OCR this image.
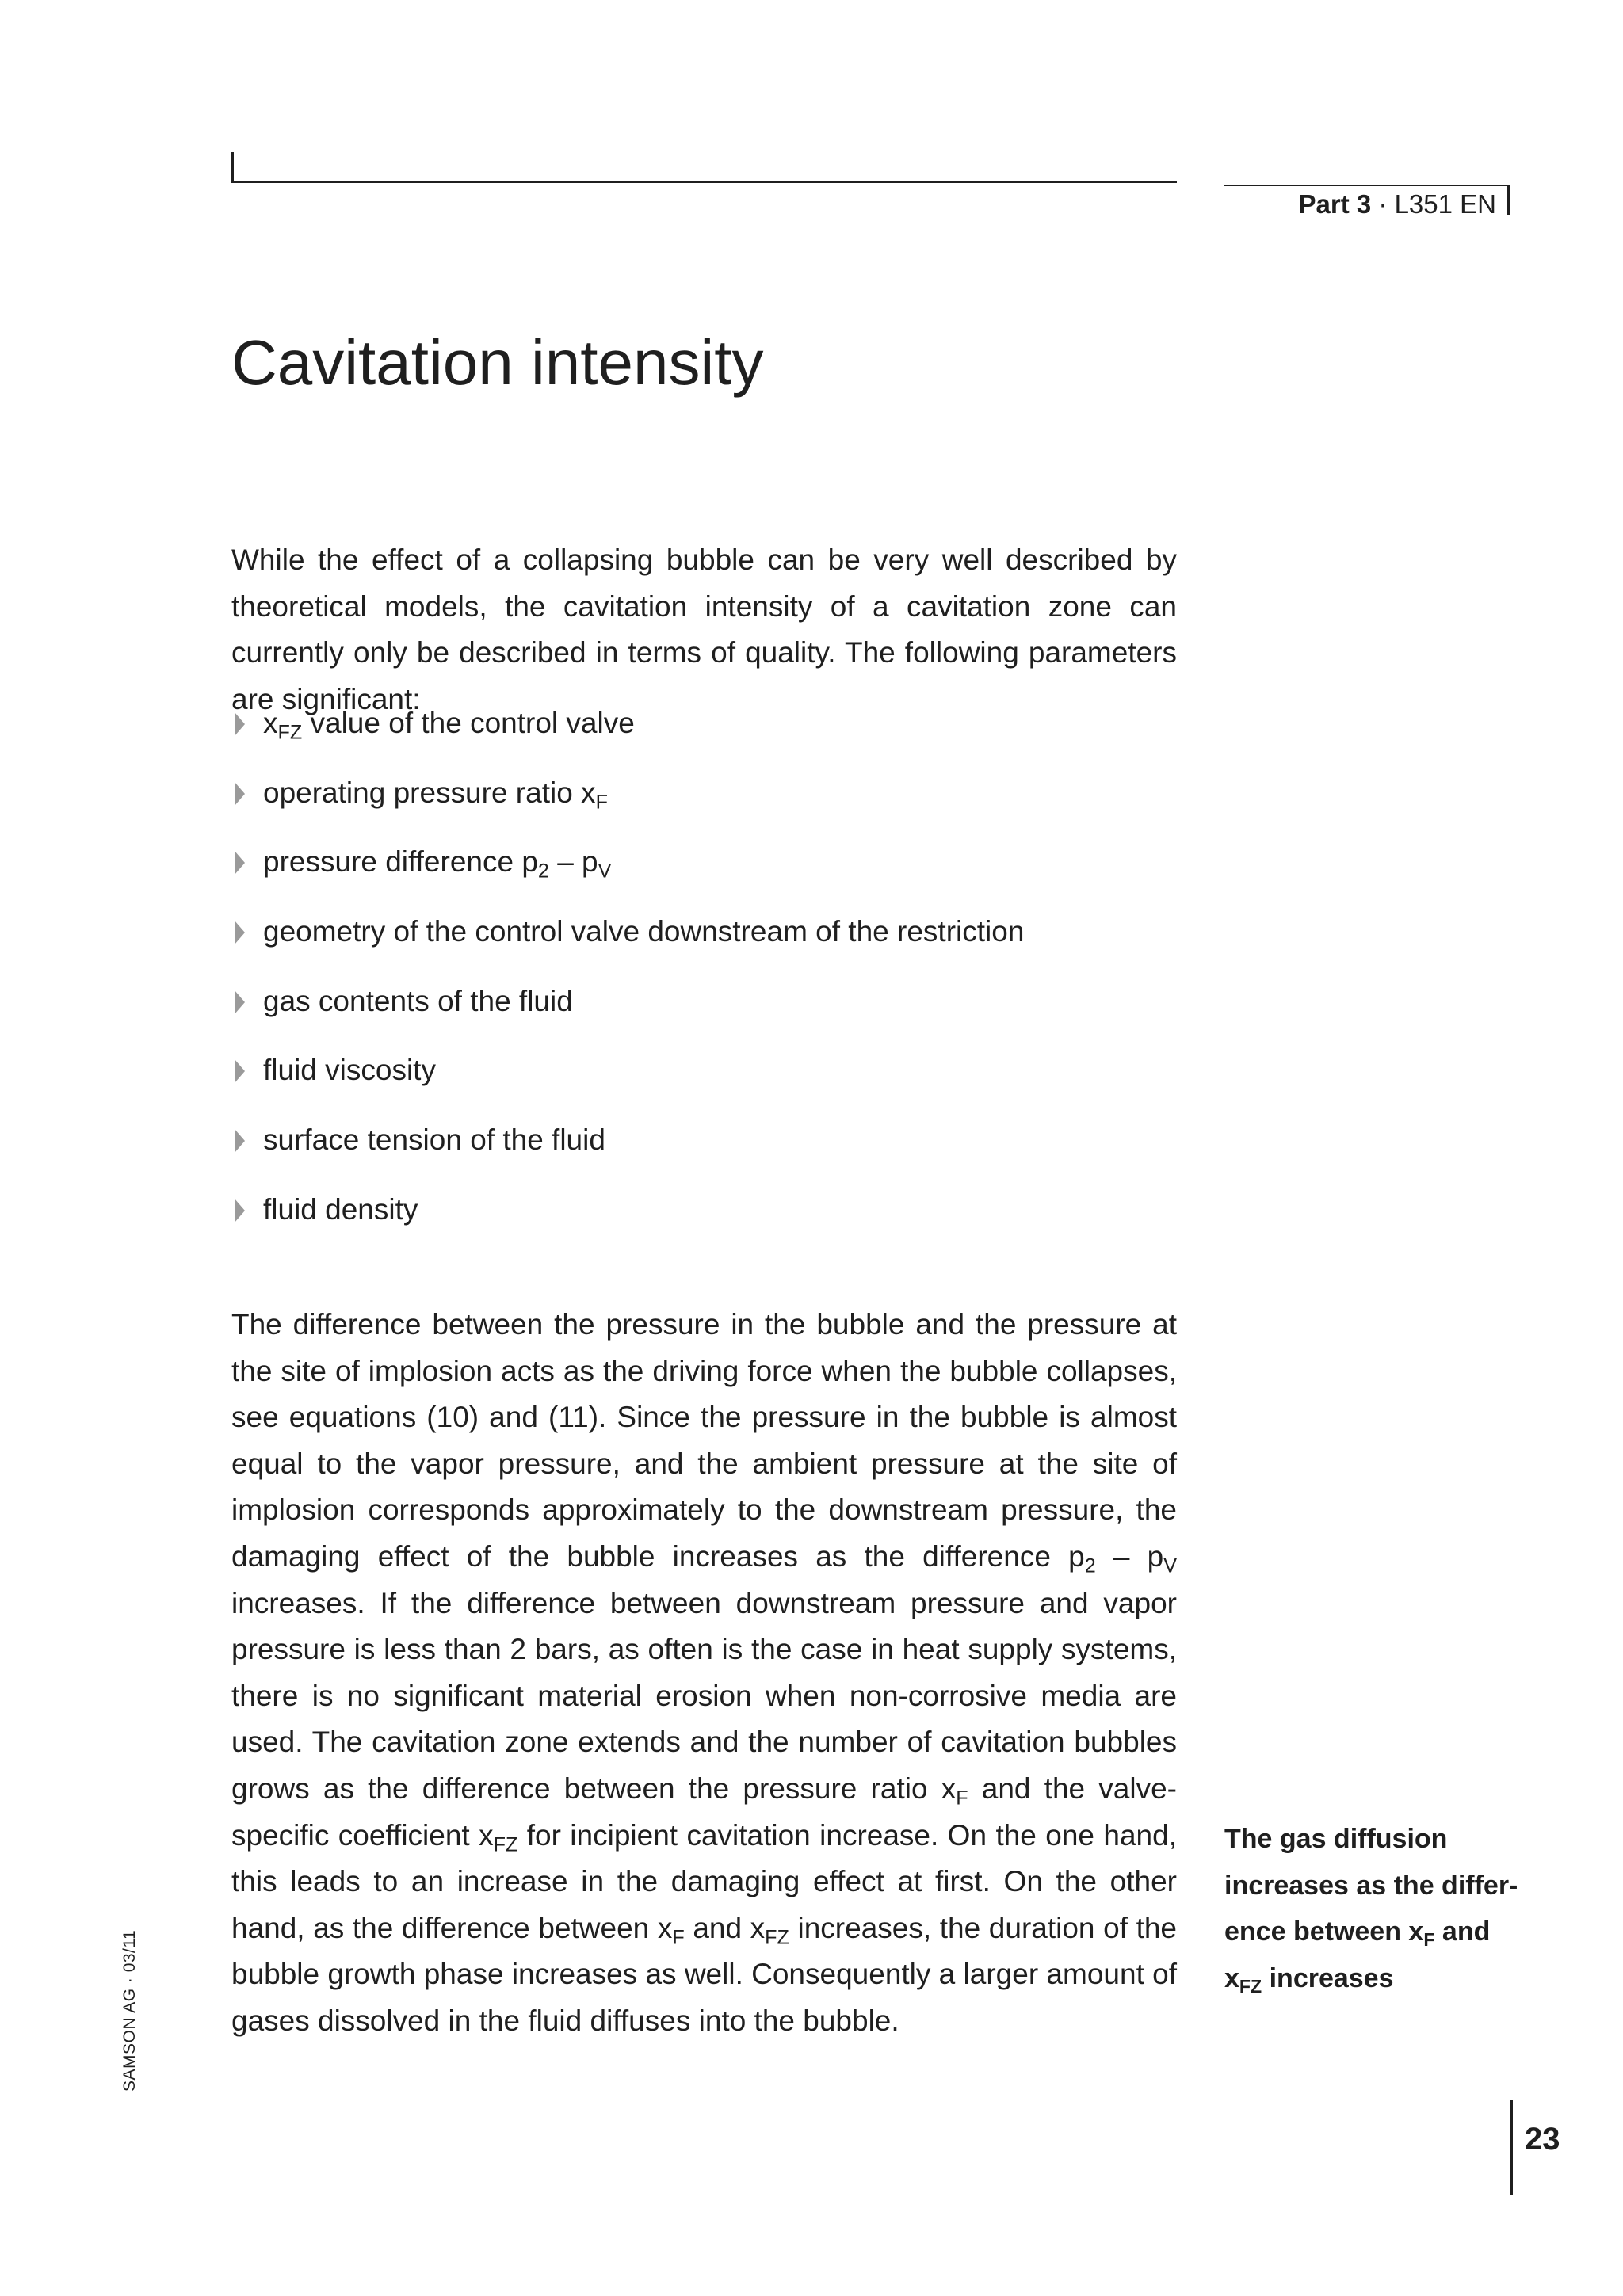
Part 3 · L351 EN
Cavitation intensity

While the effect of a collapsing bubble can be very well described by theoretical models, the cavitation intensity of a cavitation zone can currently only be described in terms of quality. The following parameters are significant:

$x_{FZ}$ value of the control valve
operating pressure ratio $x_F$
pressure difference $p_2 - p_V$
geometry of the control valve downstream of the restriction
gas contents of the fluid
fluid viscosity
surface tension of the fluid
fluid density

The difference between the pressure in the bubble and the pressure at the site of implosion acts as the driving force when the bubble collapses, see equations (10) and (11). Since the pressure in the bubble is almost equal to the vapor pressure, and the ambient pressure at the site of implosion corresponds approximately to the downstream pressure, the damaging effect of the bubble increases as the difference $p_2 - p_V$ increases. If the difference between downstream pressure and vapor pressure is less than 2 bars, as often is the case in heat supply systems, there is no significant material erosion when non-corrosive media are used. The cavitation zone extends and the number of cavitation bubbles grows as the difference between the pressure ratio $x_F$ and the valve-specific coefficient $x_{FZ}$ for incipient cavitation increase. On the one hand, this leads to an increase in the damaging effect at first. On the other hand, as the difference between $x_F$ and $x_{FZ}$ increases, the duration of the bubble growth phase increases as well. Consequently a larger amount of gases dissolved in the fluid diffuses into the bubble.

The gas diffusion
increases as the differ-
ence between $x_F$ and
$x_{FZ}$ increases
SAMSON AG · 03/11
23
